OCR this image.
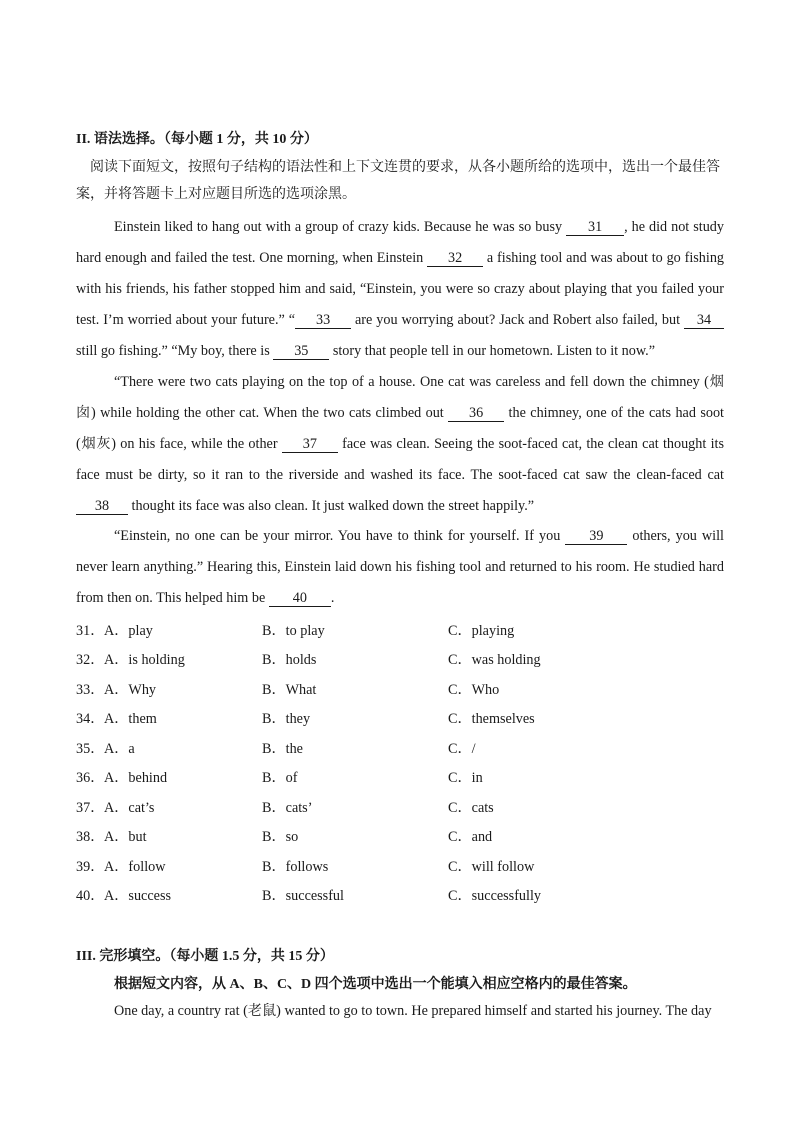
II. 语法选择。（每小题 1 分，共 10 分）
阅读下面短文，按照句子结构的语法性和上下文连贯的要求，从各小题所给的选项中，选出一个最佳答案，并将答题卡上对应题目所选的选项涂黑。
Einstein liked to hang out with a group of crazy kids. Because he was so busy 31 , he did not study hard enough and failed the test. One morning, when Einstein 32 a fishing tool and was about to go fishing with his friends, his father stopped him and said, “Einstein, you were so crazy about playing that you failed your test. I’m worried about your future.” “ 33 are you worrying about? Jack and Robert also failed, but 34 still go fishing.” “My boy, there is 35 story that people tell in our hometown. Listen to it now.”
“There were two cats playing on the top of a house. One cat was careless and fell down the chimney (烟囱) while holding the other cat. When the two cats climbed out 36 the chimney, one of the cats had soot (烟灰) on his face, while the other 37 face was clean. Seeing the soot-faced cat, the clean cat thought its face must be dirty, so it ran to the riverside and washed its face. The soot-faced cat saw the clean-faced cat 38 thought its face was also clean. It just walked down the street happily.”
“Einstein, no one can be your mirror. You have to think for yourself. If you 39 others, you will never learn anything.” Hearing this, Einstein laid down his fishing tool and returned to his room. He studied hard from then on. This helped him be 40 .
31． A．play	B．to play	C．playing
32． A．is holding	B．holds	C．was holding
33． A．Why	B．What	C．Who
34． A．them	B．they	C．themselves
35． A．a	B．the	C．/
36． A．behind	B．of	C．in
37． A．cat’s	B．cats’	C．cats
38． A．but	B．so	C．and
39． A．follow	B．follows	C．will follow
40． A．success	B．successful	C．successfully
III. 完形填空。（每小题 1.5 分，共 15 分）
根据短文内容，从 A、B、C、D 四个选项中选出一个能填入相应空格内的最佳答案。
One day, a country rat (老鼠) wanted to go to town. He prepared himself and started his journey. The day
